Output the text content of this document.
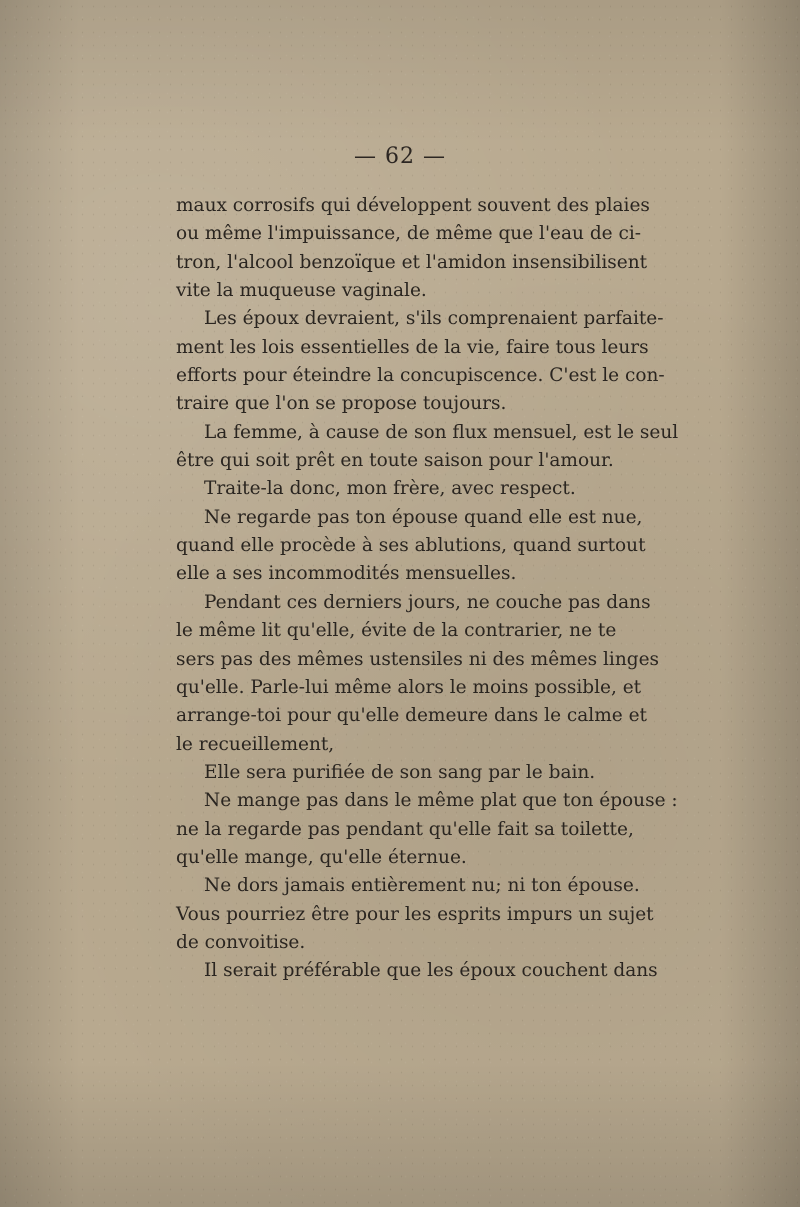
— 62 —
maux corrosifs qui développent souvent des plaies
ou même l'impuissance, de même que l'eau de ci-
tron, l'alcool benzoïque et l'amidon insensibilisent
vite la muqueuse vaginale.
Les époux devraient, s'ils comprenaient parfaite-
ment les lois essentielles de la vie, faire tous leurs
efforts pour éteindre la concupiscence. C'est le con-
traire que l'on se propose toujours.
La femme, à cause de son flux mensuel, est le seul
être qui soit prêt en toute saison pour l'amour.
Traite-la donc, mon frère, avec respect.
Ne regarde pas ton épouse quand elle est nue,
quand elle procède à ses ablutions, quand surtout
elle a ses incommodités mensuelles.
Pendant ces derniers jours, ne couche pas dans
le même lit qu'elle, évite de la contrarier, ne te
sers pas des mêmes ustensiles ni des mêmes linges
qu'elle. Parle-lui même alors le moins possible, et
arrange-toi pour qu'elle demeure dans le calme et
le recueillement,
Elle sera purifiée de son sang par le bain.
Ne mange pas dans le même plat que ton épouse :
ne la regarde pas pendant qu'elle fait sa toilette,
qu'elle mange, qu'elle éternue.
Ne dors jamais entièrement nu; ni ton épouse.
Vous pourriez être pour les esprits impurs un sujet
de convoitise.
Il serait préférable que les époux couchent dans
